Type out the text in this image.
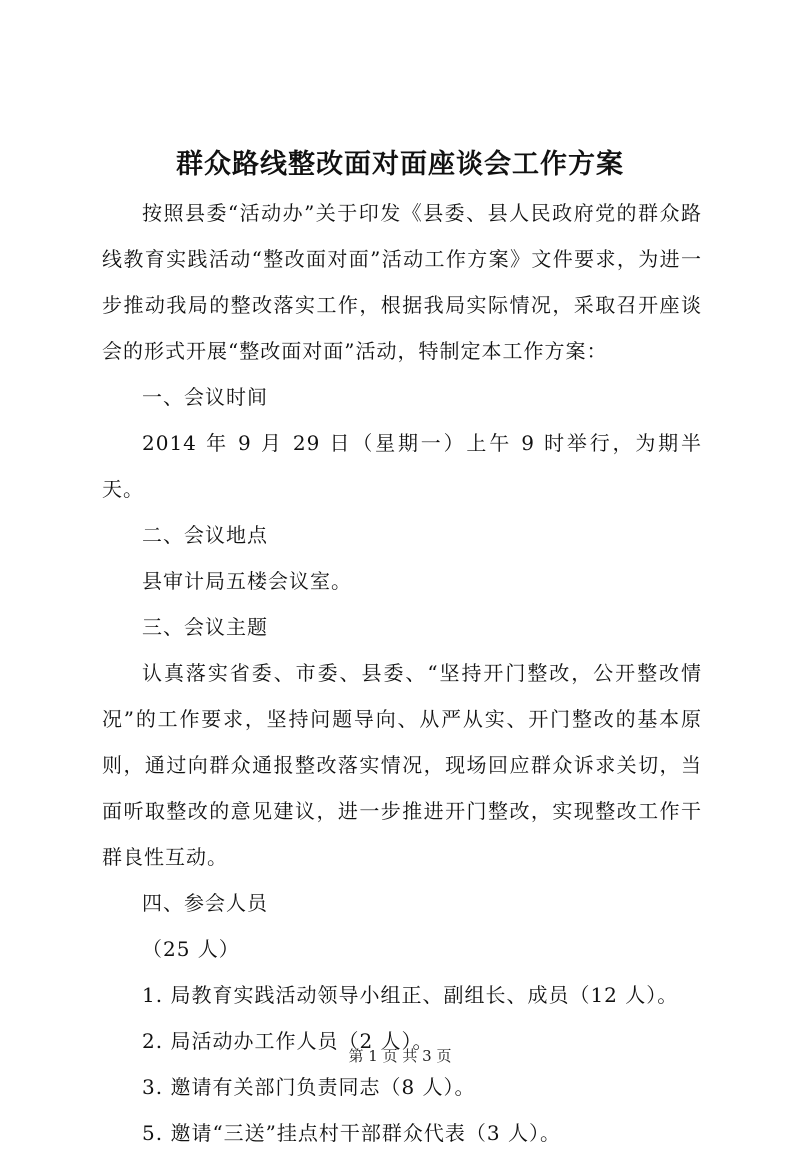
群众路线整改面对面座谈会工作方案

按照县委“活动办”关于印发《县委、县人民政府党的群众路线教育实践活动“整改面对面”活动工作方案》文件要求，为进一步推动我局的整改落实工作，根据我局实际情况，采取召开座谈会的形式开展“整改面对面”活动，特制定本工作方案：

一、会议时间

2014 年 9 月 29 日（星期一）上午 9 时举行，为期半天。

二、会议地点

县审计局五楼会议室。

三、会议主题

认真落实省委、市委、县委、“坚持开门整改，公开整改情况”的工作要求，坚持问题导向、从严从实、开门整改的基本原则，通过向群众通报整改落实情况，现场回应群众诉求关切，当面听取整改的意见建议，进一步推进开门整改，实现整改工作干群良性互动。

四、参会人员

（25 人）

1. 局教育实践活动领导小组正、副组长、成员（12 人）。

2. 局活动办工作人员（2 人）。

3. 邀请有关部门负责同志（8 人）。

5. 邀请“三送”挂点村干部群众代表（3 人）。

第 1 页 共 3 页
